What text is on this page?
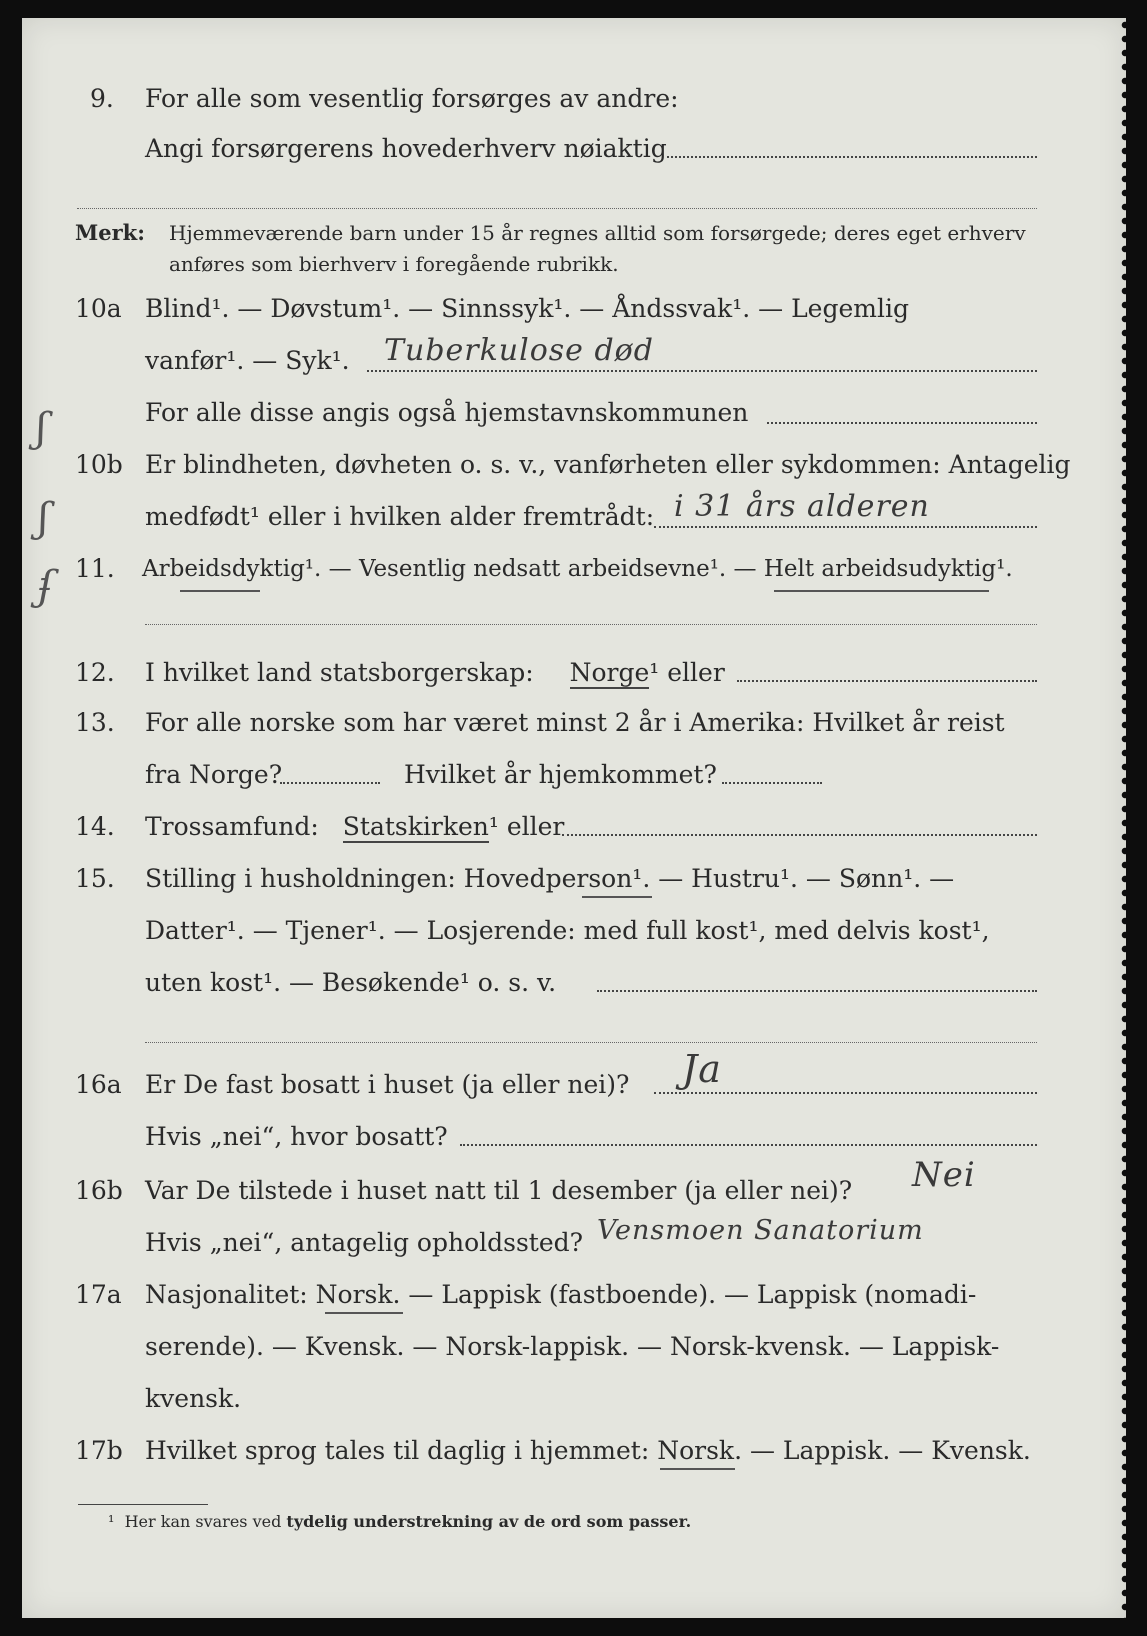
9. For alle som vesentlig forsørges av andre:
Angi forsørgerens hovederhverv nøiaktig
Merk: Hjemmeværende barn under 15 år regnes alltid som forsørgede; deres eget erhverv
anføres som bierhverv i foregående rubrikk.
10a Blind¹. — Døvstum¹. — Sinnssyk¹. — Åndssvak¹. — Legemlig
vanfør¹. — Syk¹. Tuberkulose død
For alle disse angis også hjemstavnskommunen
10b Er blindheten, døvheten o. s. v., vanførheten eller sykdommen: Antagelig
medfødt¹ eller i hvilken alder fremtrådt: i 31 års alderen
ʃ
ʃ
ʄ 11. Arbeidsdyktig¹. — Vesentlig nedsatt arbeidsevne¹. — Helt arbeidsudyktig¹.
12. I hvilket land statsborgerskap: Norge¹ eller
13. For alle norske som har været minst 2 år i Amerika: Hvilket år reist
fra Norge?	Hvilket år hjemkommet?
14. Trossamfund: Statskirken¹ eller
15. Stilling i husholdningen: Hovedperson¹. — Hustru¹. — Sønn¹. —
Datter¹. — Tjener¹. — Losjerende: med full kost¹, med delvis kost¹,
uten kost¹. — Besøkende¹ o. s. v.
16a Er De fast bosatt i huset (ja eller nei)? Ja
Hvis „nei“, hvor bosatt?
16b Var De tilstede i huset natt til 1 desember (ja eller nei)? Nei
Hvis „nei“, antagelig opholdssted? Vensmoen Sanatorium
17a Nasjonalitet: Norsk. — Lappisk (fastboende). — Lappisk (nomadi-
serende). — Kvensk. — Norsk-lappisk. — Norsk-kvensk. — Lappisk-
kvensk.
17b Hvilket sprog tales til daglig i hjemmet: Norsk. — Lappisk. — Kvensk.
¹ Her kan svares ved tydelig understrekning av de ord som passer.
